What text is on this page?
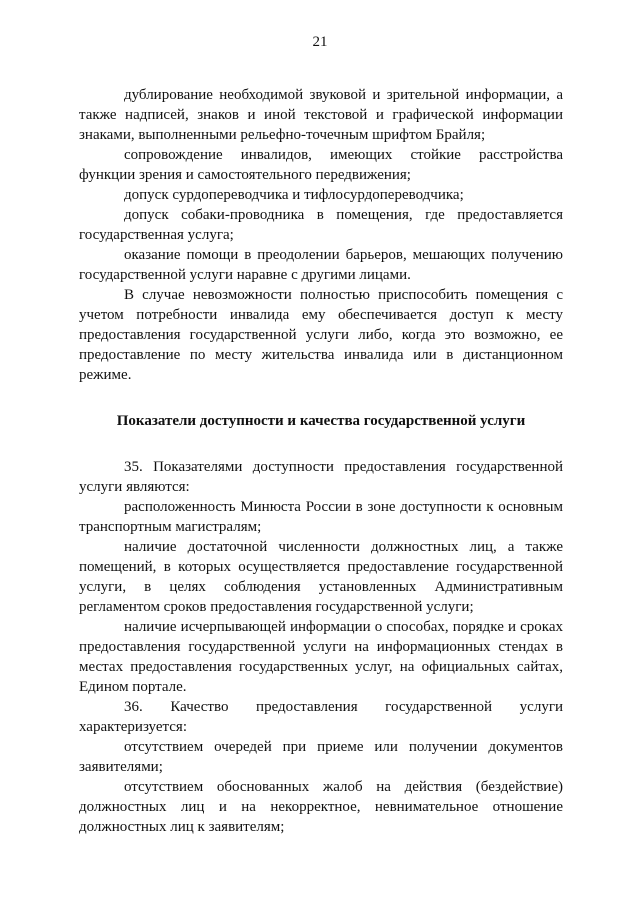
21

дублирование необходимой звуковой и зрительной информации, а также надписей, знаков и иной текстовой и графической информации знаками, выполненными рельефно-точечным шрифтом Брайля;

сопровождение инвалидов, имеющих стойкие расстройства функции зрения и самостоятельного передвижения;

допуск сурдопереводчика и тифлосурдопереводчика;

допуск собаки-проводника в помещения, где предоставляется государственная услуга;

оказание помощи в преодолении барьеров, мешающих получению государственной услуги наравне с другими лицами.

В случае невозможности полностью приспособить помещения с учетом потребности инвалида ему обеспечивается доступ к месту предоставления государственной услуги либо, когда это возможно, ее предоставление по месту жительства инвалида или в дистанционном режиме.

Показатели доступности и качества государственной услуги

35. Показателями доступности предоставления государственной услуги являются:

расположенность Минюста России в зоне доступности к основным транспортным магистралям;

наличие достаточной численности должностных лиц, а также помещений, в которых осуществляется предоставление государственной услуги, в целях соблюдения установленных Административным регламентом сроков предоставления государственной услуги;

наличие исчерпывающей информации о способах, порядке и сроках предоставления государственной услуги на информационных стендах в местах предоставления государственных услуг, на официальных сайтах, Едином портале.

36. Качество предоставления государственной услуги характеризуется:

отсутствием очередей при приеме или получении документов заявителями;

отсутствием обоснованных жалоб на действия (бездействие) должностных лиц и на некорректное, невнимательное отношение должностных лиц к заявителям;
